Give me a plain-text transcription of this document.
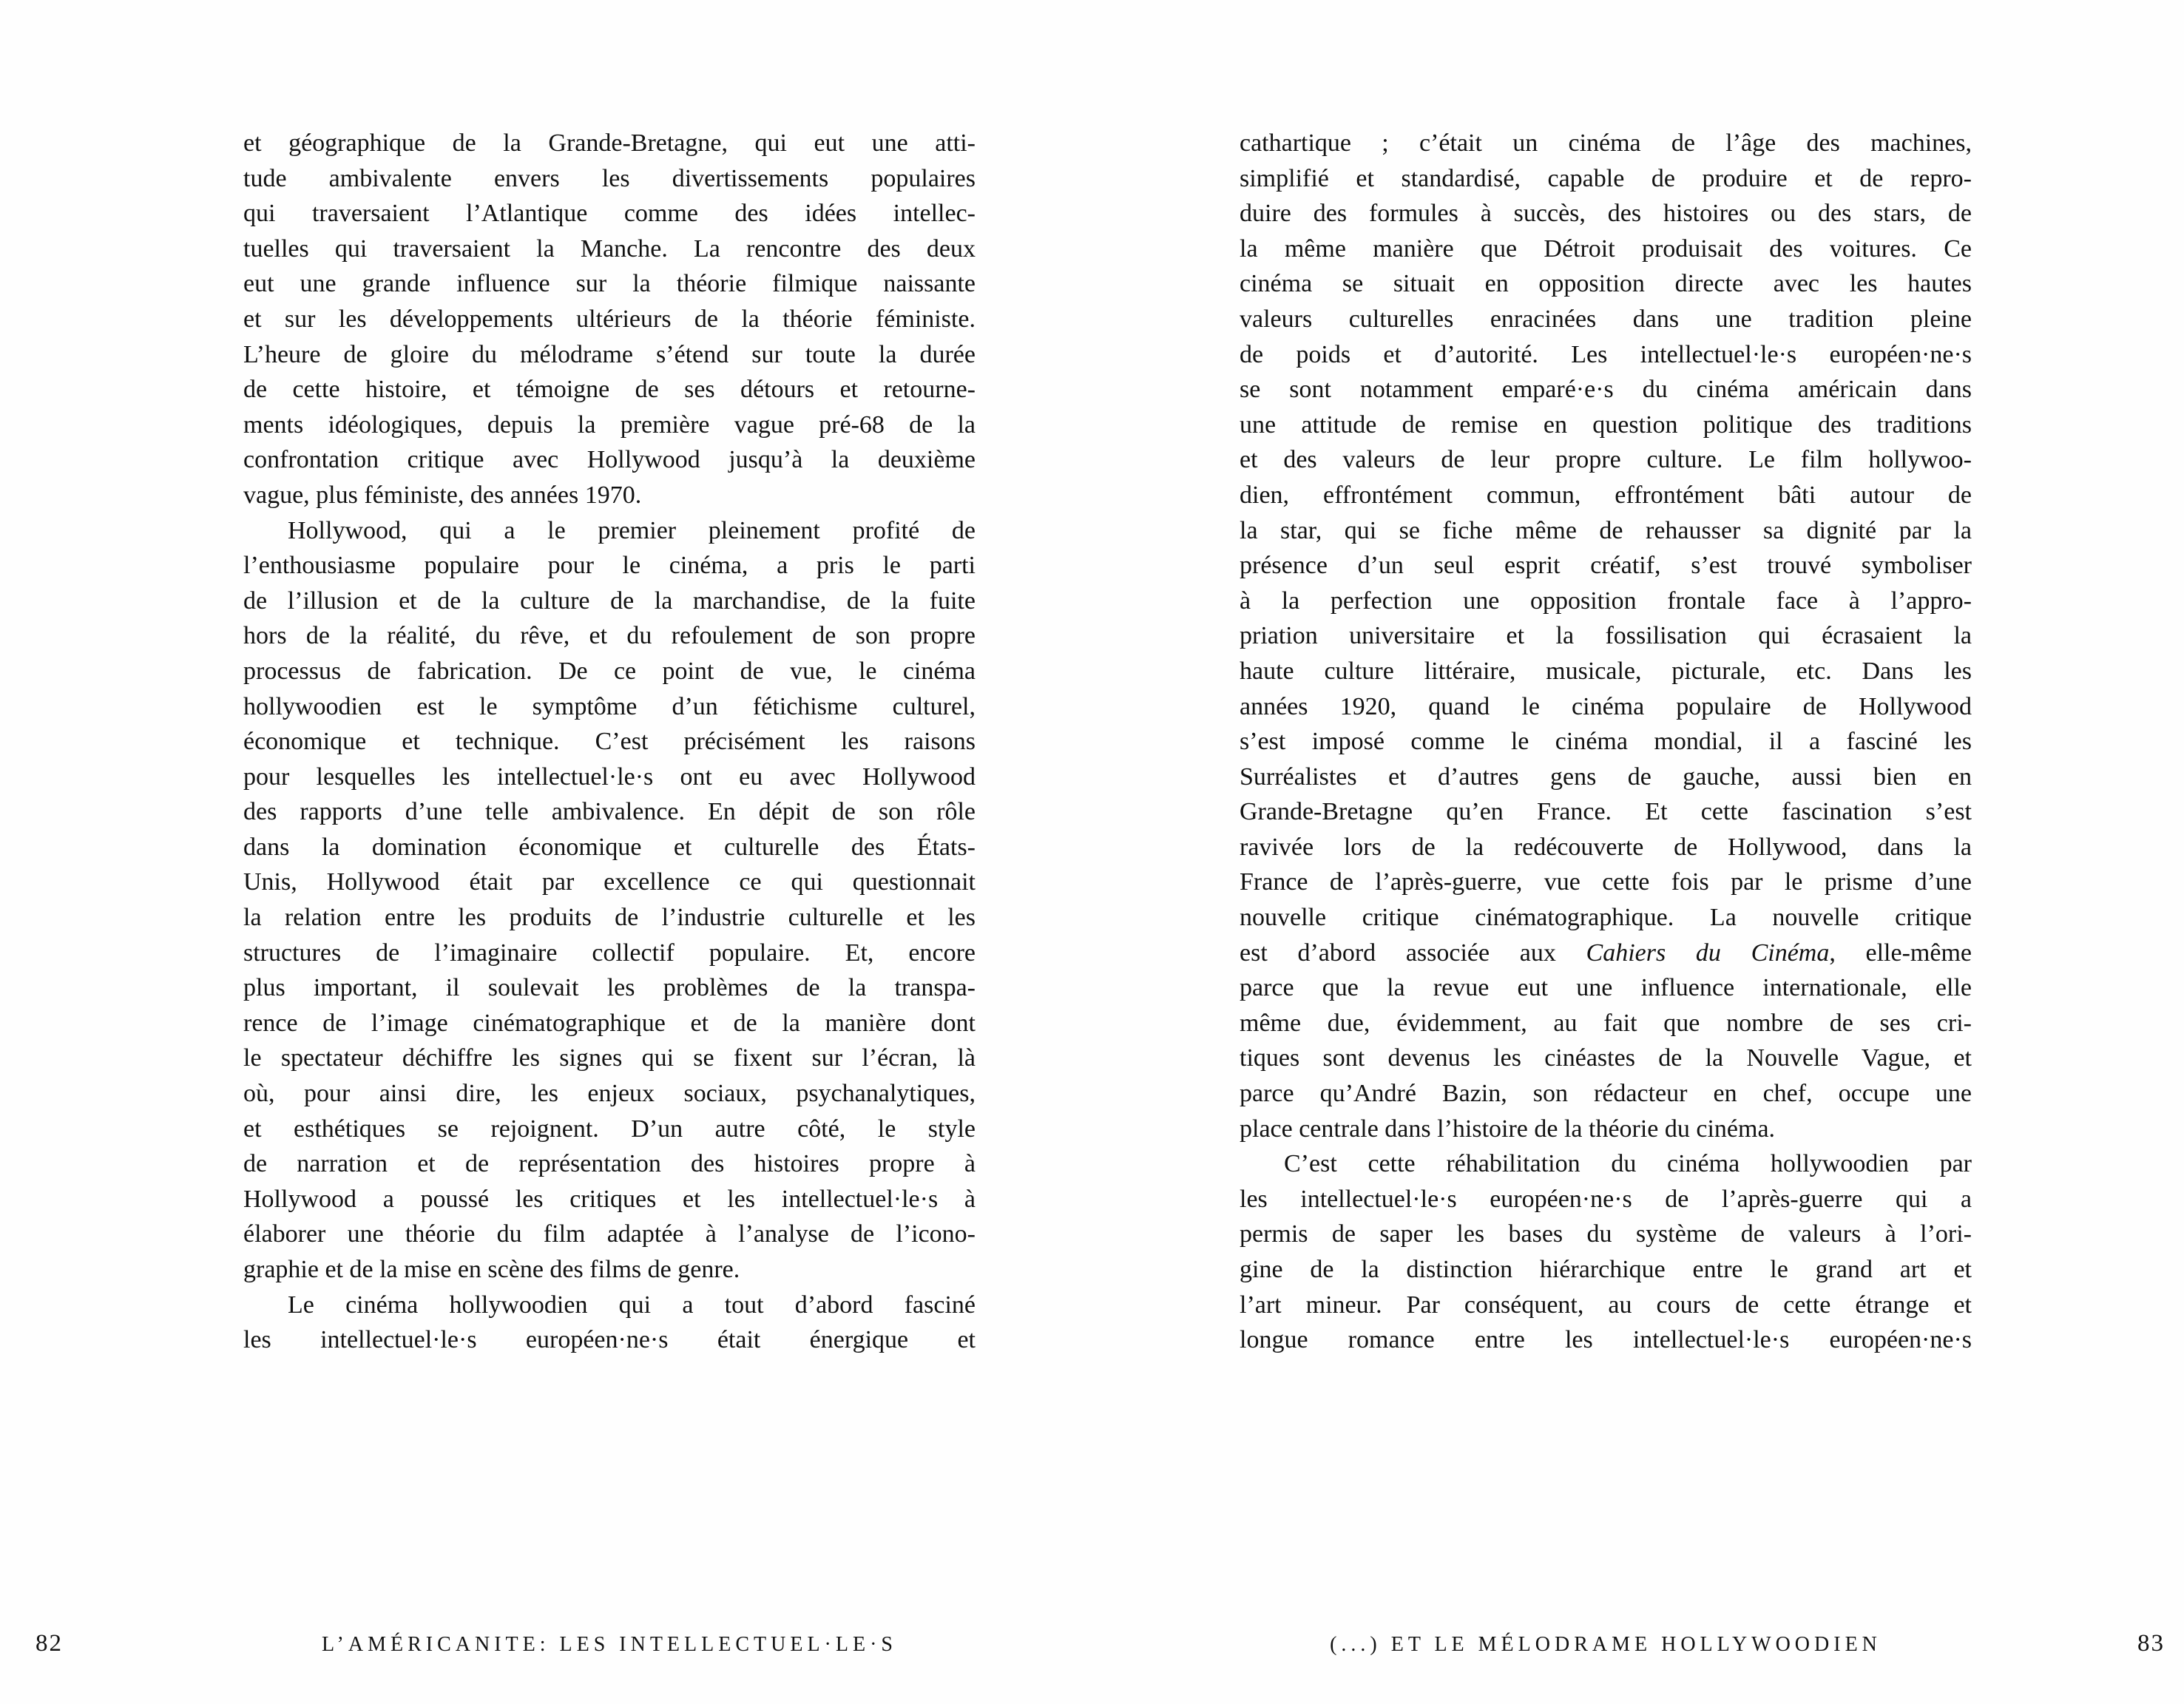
et géographique de la Grande-Bretagne, qui eut une atti-
tude ambivalente envers les divertissements populaires
qui traversaient l’Atlantique comme des idées intellec-
tuelles qui traversaient la Manche. La rencontre des deux
eut une grande influence sur la théorie filmique naissante
et sur les développements ultérieurs de la théorie féministe.
L’heure de gloire du mélodrame s’étend sur toute la durée
de cette histoire, et témoigne de ses détours et retourne-
ments idéologiques, depuis la première vague pré-68 de la
confrontation critique avec Hollywood jusqu’à la deuxième
vague, plus féministe, des années 1970.
Hollywood, qui a le premier pleinement profité de
l’enthousiasme populaire pour le cinéma, a pris le parti
de l’illusion et de la culture de la marchandise, de la fuite
hors de la réalité, du rêve, et du refoulement de son propre
processus de fabrication. De ce point de vue, le cinéma
hollywoodien est le symptôme d’un fétichisme culturel,
économique et technique. C’est précisément les raisons
pour lesquelles les intellectuel·le·s ont eu avec Hollywood
des rapports d’une telle ambivalence. En dépit de son rôle
dans la domination économique et culturelle des États-
Unis, Hollywood était par excellence ce qui questionnait
la relation entre les produits de l’industrie culturelle et les
structures de l’imaginaire collectif populaire. Et, encore
plus important, il soulevait les problèmes de la transpa-
rence de l’image cinématographique et de la manière dont
le spectateur déchiffre les signes qui se fixent sur l’écran, là
où, pour ainsi dire, les enjeux sociaux, psychanalytiques,
et esthétiques se rejoignent. D’un autre côté, le style
de narration et de représentation des histoires propre à
Hollywood a poussé les critiques et les intellectuel·le·s à
élaborer une théorie du film adaptée à l’analyse de l’icono-
graphie et de la mise en scène des films de genre.
Le cinéma hollywoodien qui a tout d’abord fasciné
les intellectuel·le·s européen·ne·s était énergique et
cathartique ; c’était un cinéma de l’âge des machines,
simplifié et standardisé, capable de produire et de repro-
duire des formules à succès, des histoires ou des stars, de
la même manière que Détroit produisait des voitures. Ce
cinéma se situait en opposition directe avec les hautes
valeurs culturelles enracinées dans une tradition pleine
de poids et d’autorité. Les intellectuel·le·s européen·ne·s
se sont notamment emparé·e·s du cinéma américain dans
une attitude de remise en question politique des traditions
et des valeurs de leur propre culture. Le film hollywoo-
dien, effrontément commun, effrontément bâti autour de
la star, qui se fiche même de rehausser sa dignité par la
présence d’un seul esprit créatif, s’est trouvé symboliser
à la perfection une opposition frontale face à l’appro-
priation universitaire et la fossilisation qui écrasaient la
haute culture littéraire, musicale, picturale, etc. Dans les
années 1920, quand le cinéma populaire de Hollywood
s’est imposé comme le cinéma mondial, il a fasciné les
Surréalistes et d’autres gens de gauche, aussi bien en
Grande-Bretagne qu’en France. Et cette fascination s’est
ravivée lors de la redécouverte de Hollywood, dans la
France de l’après-guerre, vue cette fois par le prisme d’une
nouvelle critique cinématographique. La nouvelle critique
est d’abord associée aux Cahiers du Cinéma, elle-même
parce que la revue eut une influence internationale, elle
même due, évidemment, au fait que nombre de ses cri-
tiques sont devenus les cinéastes de la Nouvelle Vague, et
parce qu’André Bazin, son rédacteur en chef, occupe une
place centrale dans l’histoire de la théorie du cinéma.
C’est cette réhabilitation du cinéma hollywoodien par
les intellectuel·le·s européen·ne·s de l’après-guerre qui a
permis de saper les bases du système de valeurs à l’ori-
gine de la distinction hiérarchique entre le grand art et
l’art mineur. Par conséquent, au cours de cette étrange et
longue romance entre les intellectuel·le·s européen·ne·s
82	L’AMÉRICANITE: LES INTELLECTUEL·LE·S	(...) ET LE MÉLODRAME HOLLYWOODIEN	83
